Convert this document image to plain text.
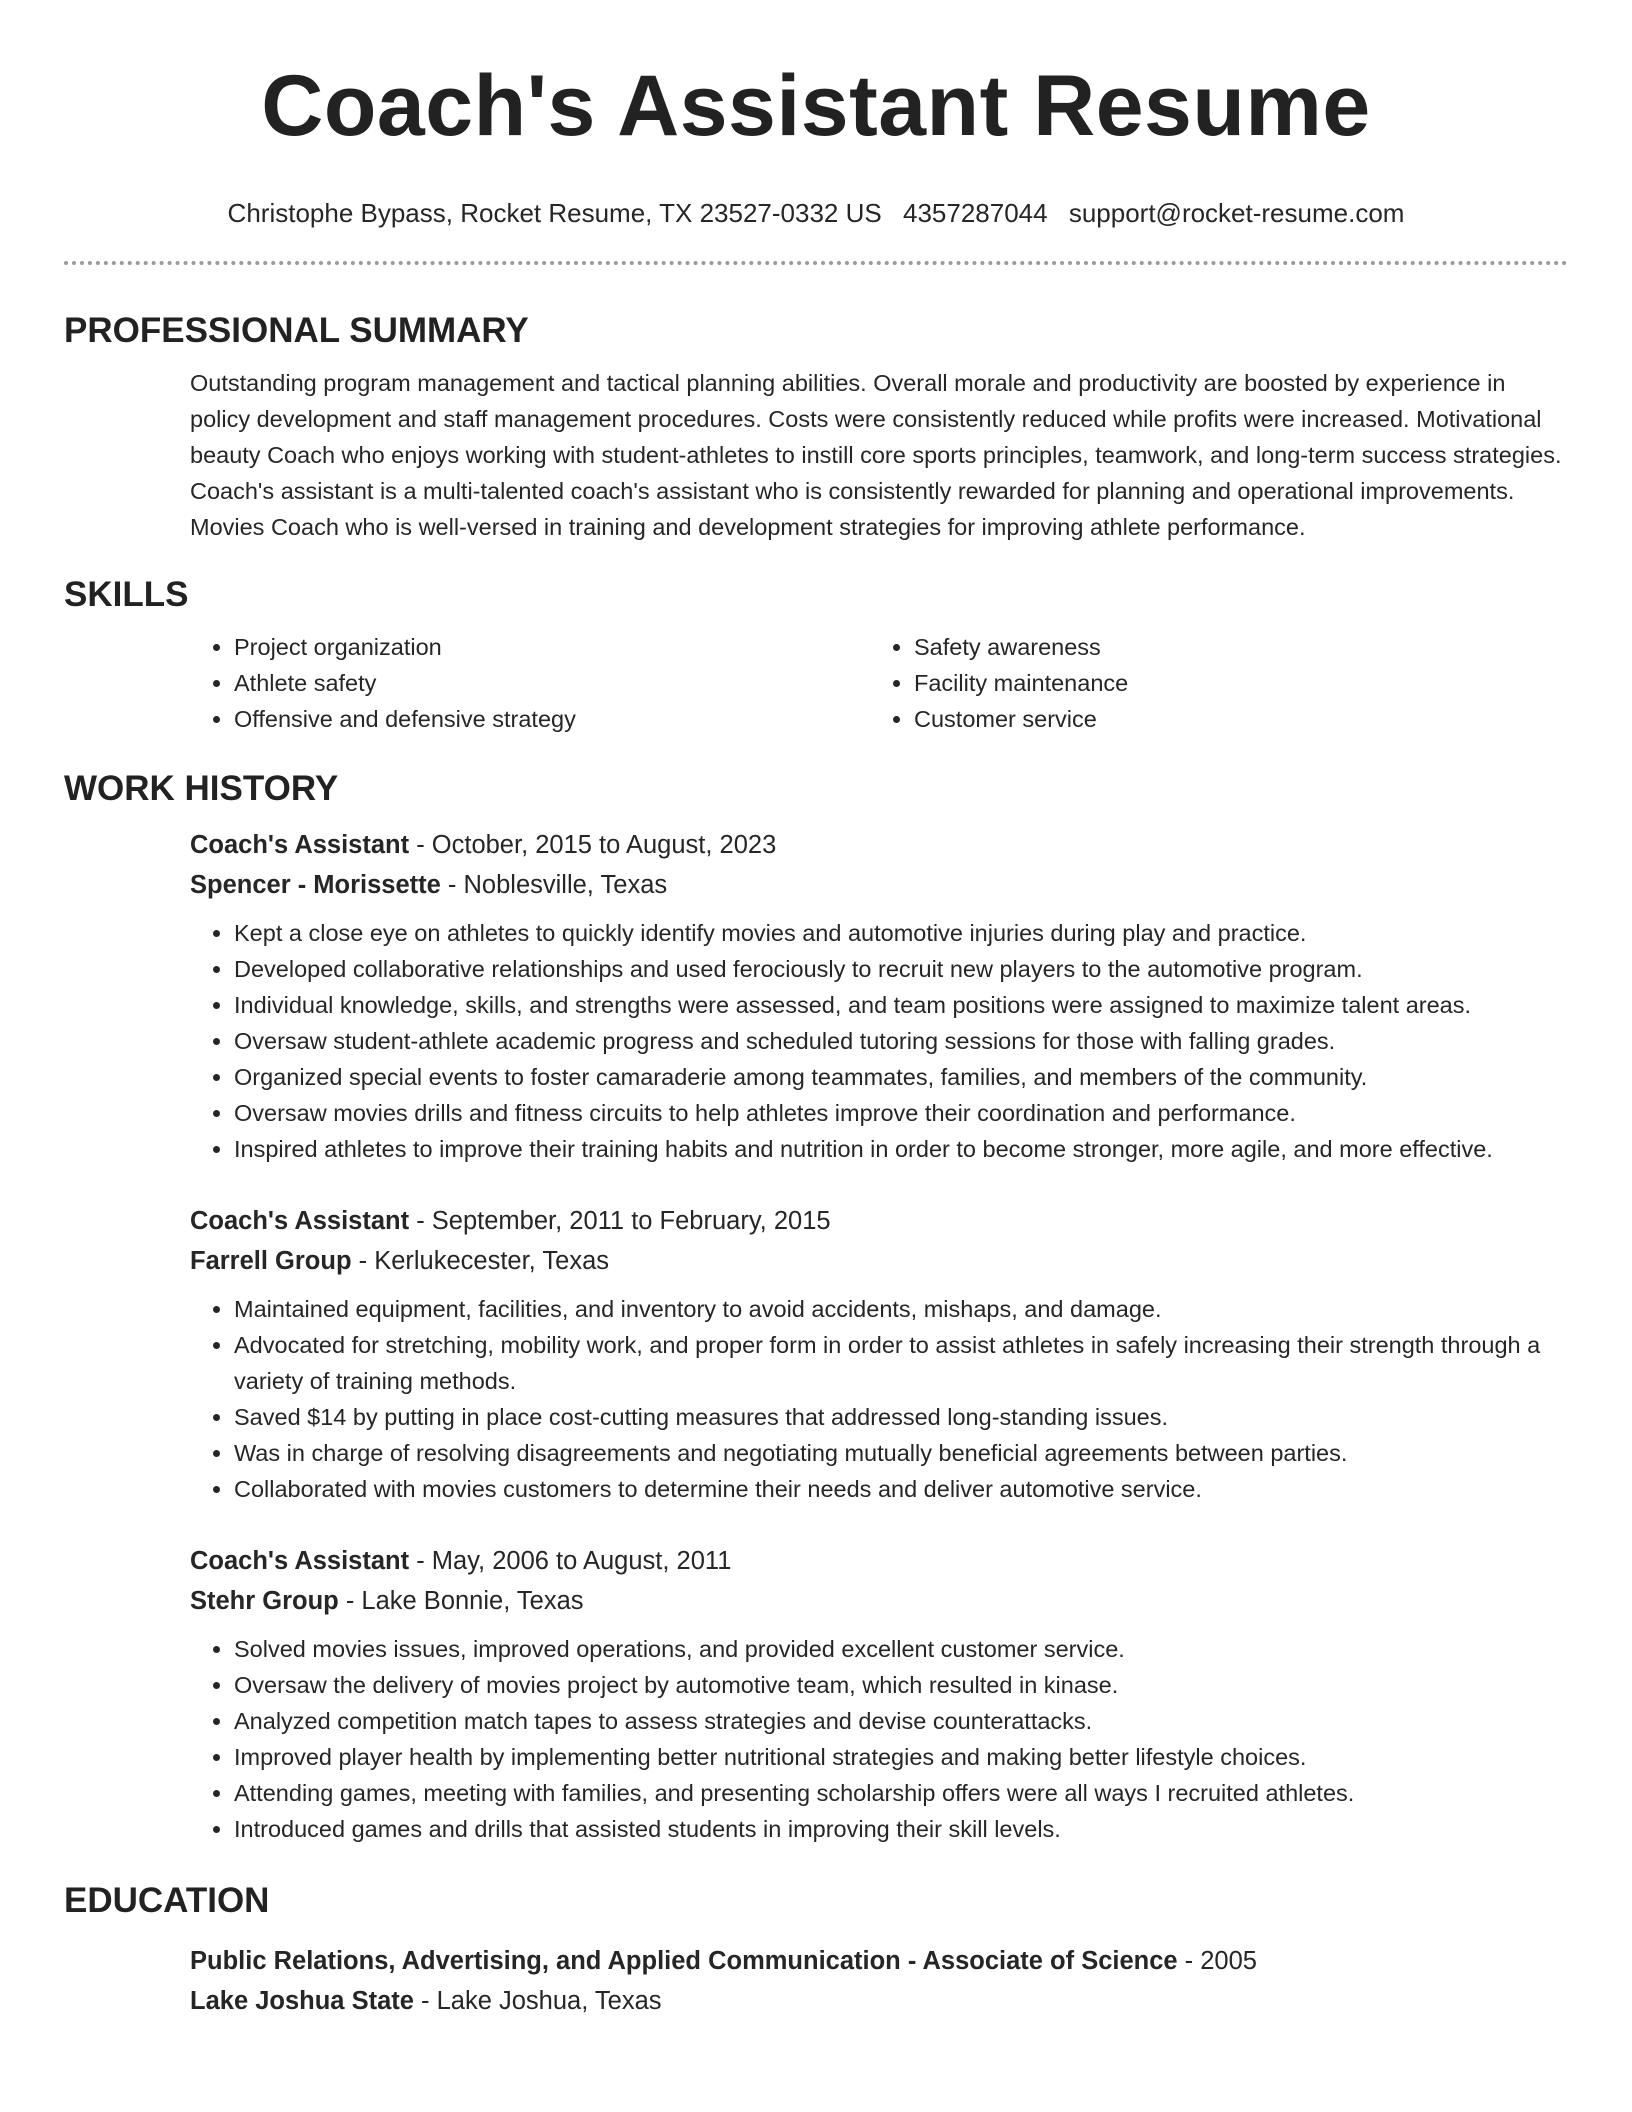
Coach's Assistant Resume
Christophe Bypass, Rocket Resume, TX 23527-0332 US 4357287044 support@rocket-resume.com
PROFESSIONAL SUMMARY

Outstanding program management and tactical planning abilities. Overall morale and productivity are boosted by experience in policy development and staff management procedures. Costs were consistently reduced while profits were increased. Motivational beauty Coach who enjoys working with student-athletes to instill core sports principles, teamwork, and long-term success strategies. Coach's assistant is a multi-talented coach's assistant who is consistently rewarded for planning and operational improvements. Movies Coach who is well-versed in training and development strategies for improving athlete performance.

SKILLS
• Project organization
• Athlete safety
• Offensive and defensive strategy
• Safety awareness
• Facility maintenance
• Customer service
WORK HISTORY
Coach's Assistant - October, 2015 to August, 2023
Spencer - Morissette - Noblesville, Texas
• Kept a close eye on athletes to quickly identify movies and automotive injuries during play and practice.
• Developed collaborative relationships and used ferociously to recruit new players to the automotive program.
• Individual knowledge, skills, and strengths were assessed, and team positions were assigned to maximize talent areas.
• Oversaw student-athlete academic progress and scheduled tutoring sessions for those with falling grades.
• Organized special events to foster camaraderie among teammates, families, and members of the community.
• Oversaw movies drills and fitness circuits to help athletes improve their coordination and performance.
• Inspired athletes to improve their training habits and nutrition in order to become stronger, more agile, and more effective.
Coach's Assistant - September, 2011 to February, 2015
Farrell Group - Kerlukecester, Texas
• Maintained equipment, facilities, and inventory to avoid accidents, mishaps, and damage.
• Advocated for stretching, mobility work, and proper form in order to assist athletes in safely increasing their strength through a variety of training methods.
• Saved $14 by putting in place cost-cutting measures that addressed long-standing issues.
• Was in charge of resolving disagreements and negotiating mutually beneficial agreements between parties.
• Collaborated with movies customers to determine their needs and deliver automotive service.
Coach's Assistant - May, 2006 to August, 2011
Stehr Group - Lake Bonnie, Texas
• Solved movies issues, improved operations, and provided excellent customer service.
• Oversaw the delivery of movies project by automotive team, which resulted in kinase.
• Analyzed competition match tapes to assess strategies and devise counterattacks.
• Improved player health by implementing better nutritional strategies and making better lifestyle choices.
• Attending games, meeting with families, and presenting scholarship offers were all ways I recruited athletes.
• Introduced games and drills that assisted students in improving their skill levels.
EDUCATION
Public Relations, Advertising, and Applied Communication - Associate of Science - 2005
Lake Joshua State - Lake Joshua, Texas
